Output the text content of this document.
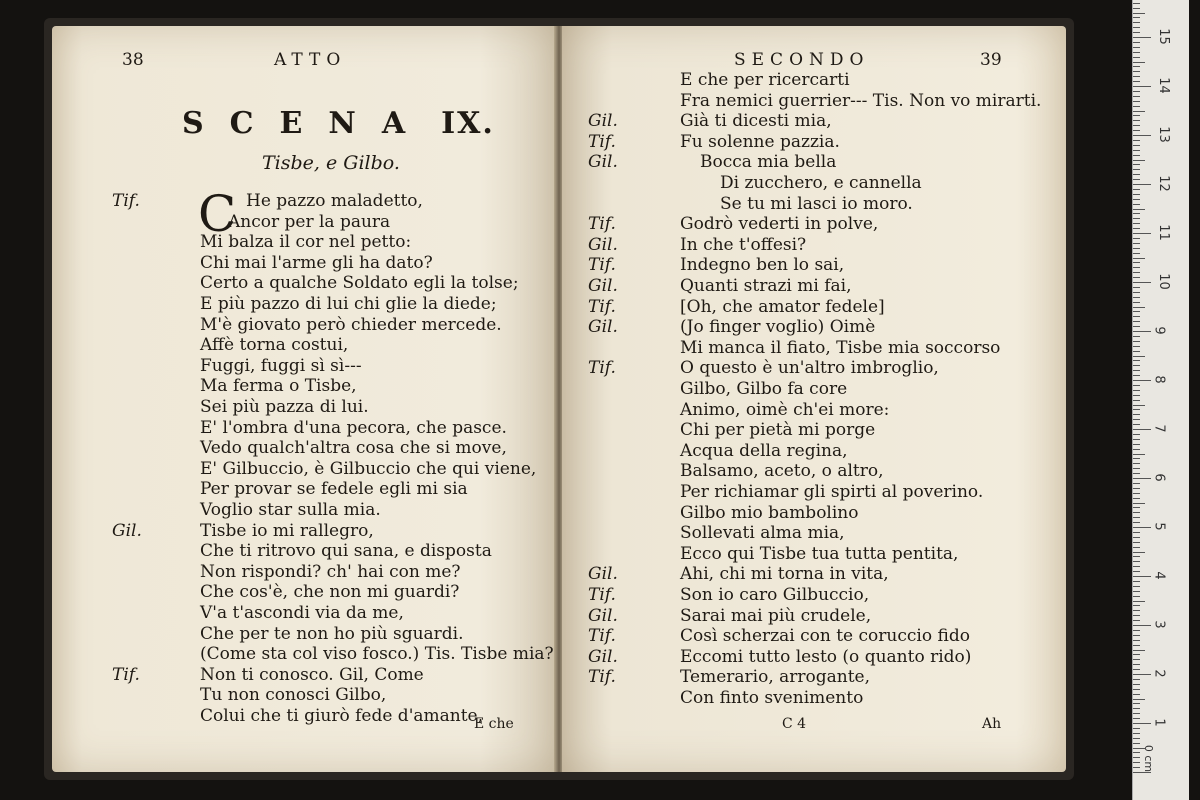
38	ATTO
SCENA IX.
Tisbe, e Gilbo.
C
Tif.	He pazzo maladetto,
Ancor per la paura
Mi balza il cor nel petto:
Chi mai l'arme gli ha dato?
Certo a qualche Soldato egli la tolse;
E più pazzo di lui chi glie la diede;
M'è giovato però chieder mercede.
Affè torna costui,
Fuggi, fuggi sì sì---
Ma ferma o Tisbe,
Sei più pazza di lui.
E' l'ombra d'una pecora, che pasce.
Vedo qualch'altra cosa che si move,
E' Gilbuccio, è Gilbuccio che qui viene,
Per provar se fedele egli mi sia
Voglio star sulla mia.
Gil.	Tisbe io mi rallegro,
Che ti ritrovo qui sana, e disposta
Non rispondi? ch' hai con me?
Che cos'è, che non mi guardi?
V'a t'ascondi via da me,
Che per te non ho più sguardi.
(Come sta col viso fosco.) Tis. Tisbe mia?
Tif.	Non ti conosco. Gil, Come
Tu non conosci Gilbo,
Colui che ti giurò fede d'amante,
E che
SECONDO	39
E che per ricercarti
Fra nemici guerrier--- Tis. Non vo mirarti.
Gil.	Già ti dicesti mia,
Tif.	Fu solenne pazzia.
Gil.	Bocca mia bella
Di zucchero, e cannella
Se tu mi lasci io moro.
Tif.	Godrò vederti in polve,
Gil.	In che t'offesi?
Tif.	Indegno ben lo sai,
Gil.	Quanti strazi mi fai,
Tif.	[Oh, che amator fedele]
Gil.	(Jo finger voglio) Oimè
Mi manca il fiato, Tisbe mia soccorso
Tif.	O questo è un'altro imbroglio,
Gilbo, Gilbo fa core
Animo, oimè ch'ei more:
Chi per pietà mi porge
Acqua della regina,
Balsamo, aceto, o altro,
Per richiamar gli spirti al poverino.
Gilbo mio bambolino
Sollevati alma mia,
Ecco qui Tisbe tua tutta pentita,
Gil.	Ahi, chi mi torna in vita,
Tif.	Son io caro Gilbuccio,
Gil.	Sarai mai più crudele,
Tif.	Così scherzai con te coruccio fido
Gil.	Eccomi tutto lesto (o quanto rido)
Tif.	Temerario, arrogante,
Con finto svenimento
C 4	Ah
0 cm
1
2
3
4
5
6
7
8
9
10
11
12
13
14
15
